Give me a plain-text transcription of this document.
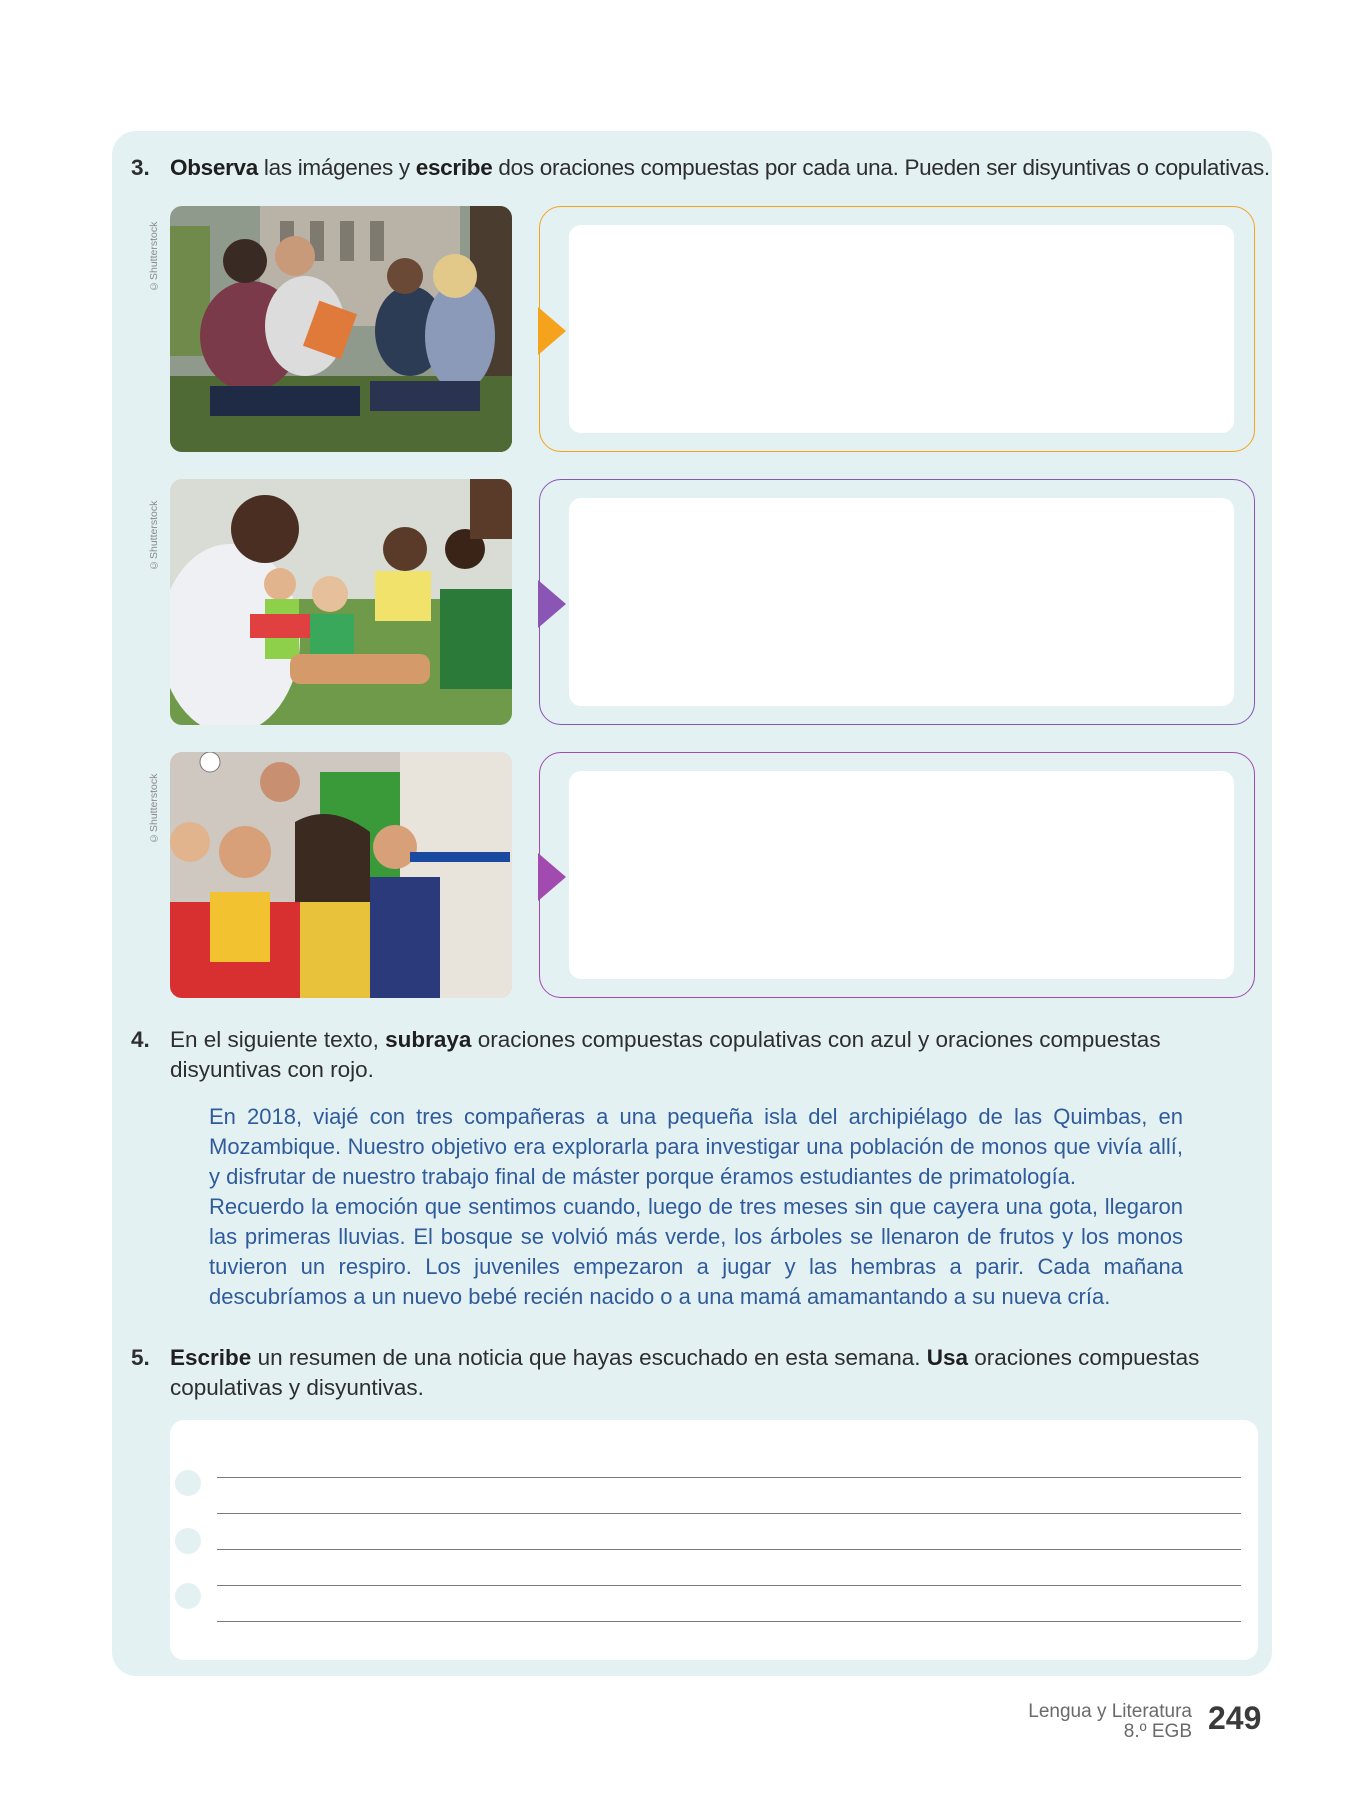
3. Observa las imágenes y escribe dos oraciones compuestas por cada una. Pueden ser disyuntivas o copulativas.
©Shutterstock
©Shutterstock
©Shutterstock
4. En el siguiente texto, subraya oraciones compuestas copulativas con azul y oraciones compuestas disyuntivas con rojo.

En 2018, viajé con tres compañeras a una pequeña isla del archipiélago de las Quimbas, en Mozambique. Nuestro objetivo era explorarla para investigar una población de monos que vivía allí, y disfrutar de nuestro trabajo final de máster porque éramos estudiantes de primatología.

Recuerdo la emoción que sentimos cuando, luego de tres meses sin que cayera una gota, llegaron las primeras lluvias. El bosque se volvió más verde, los árboles se llenaron de frutos y los monos tuvieron un respiro. Los juveniles empezaron a jugar y las hembras a parir. Cada mañana descubríamos a un nuevo bebé recién nacido o a una mamá amamantando a su nueva cría.

5. Escribe un resumen de una noticia que hayas escuchado en esta semana. Usa oraciones compuestas copulativas y disyuntivas.
Lengua y Literatura
8.º EGB 249
